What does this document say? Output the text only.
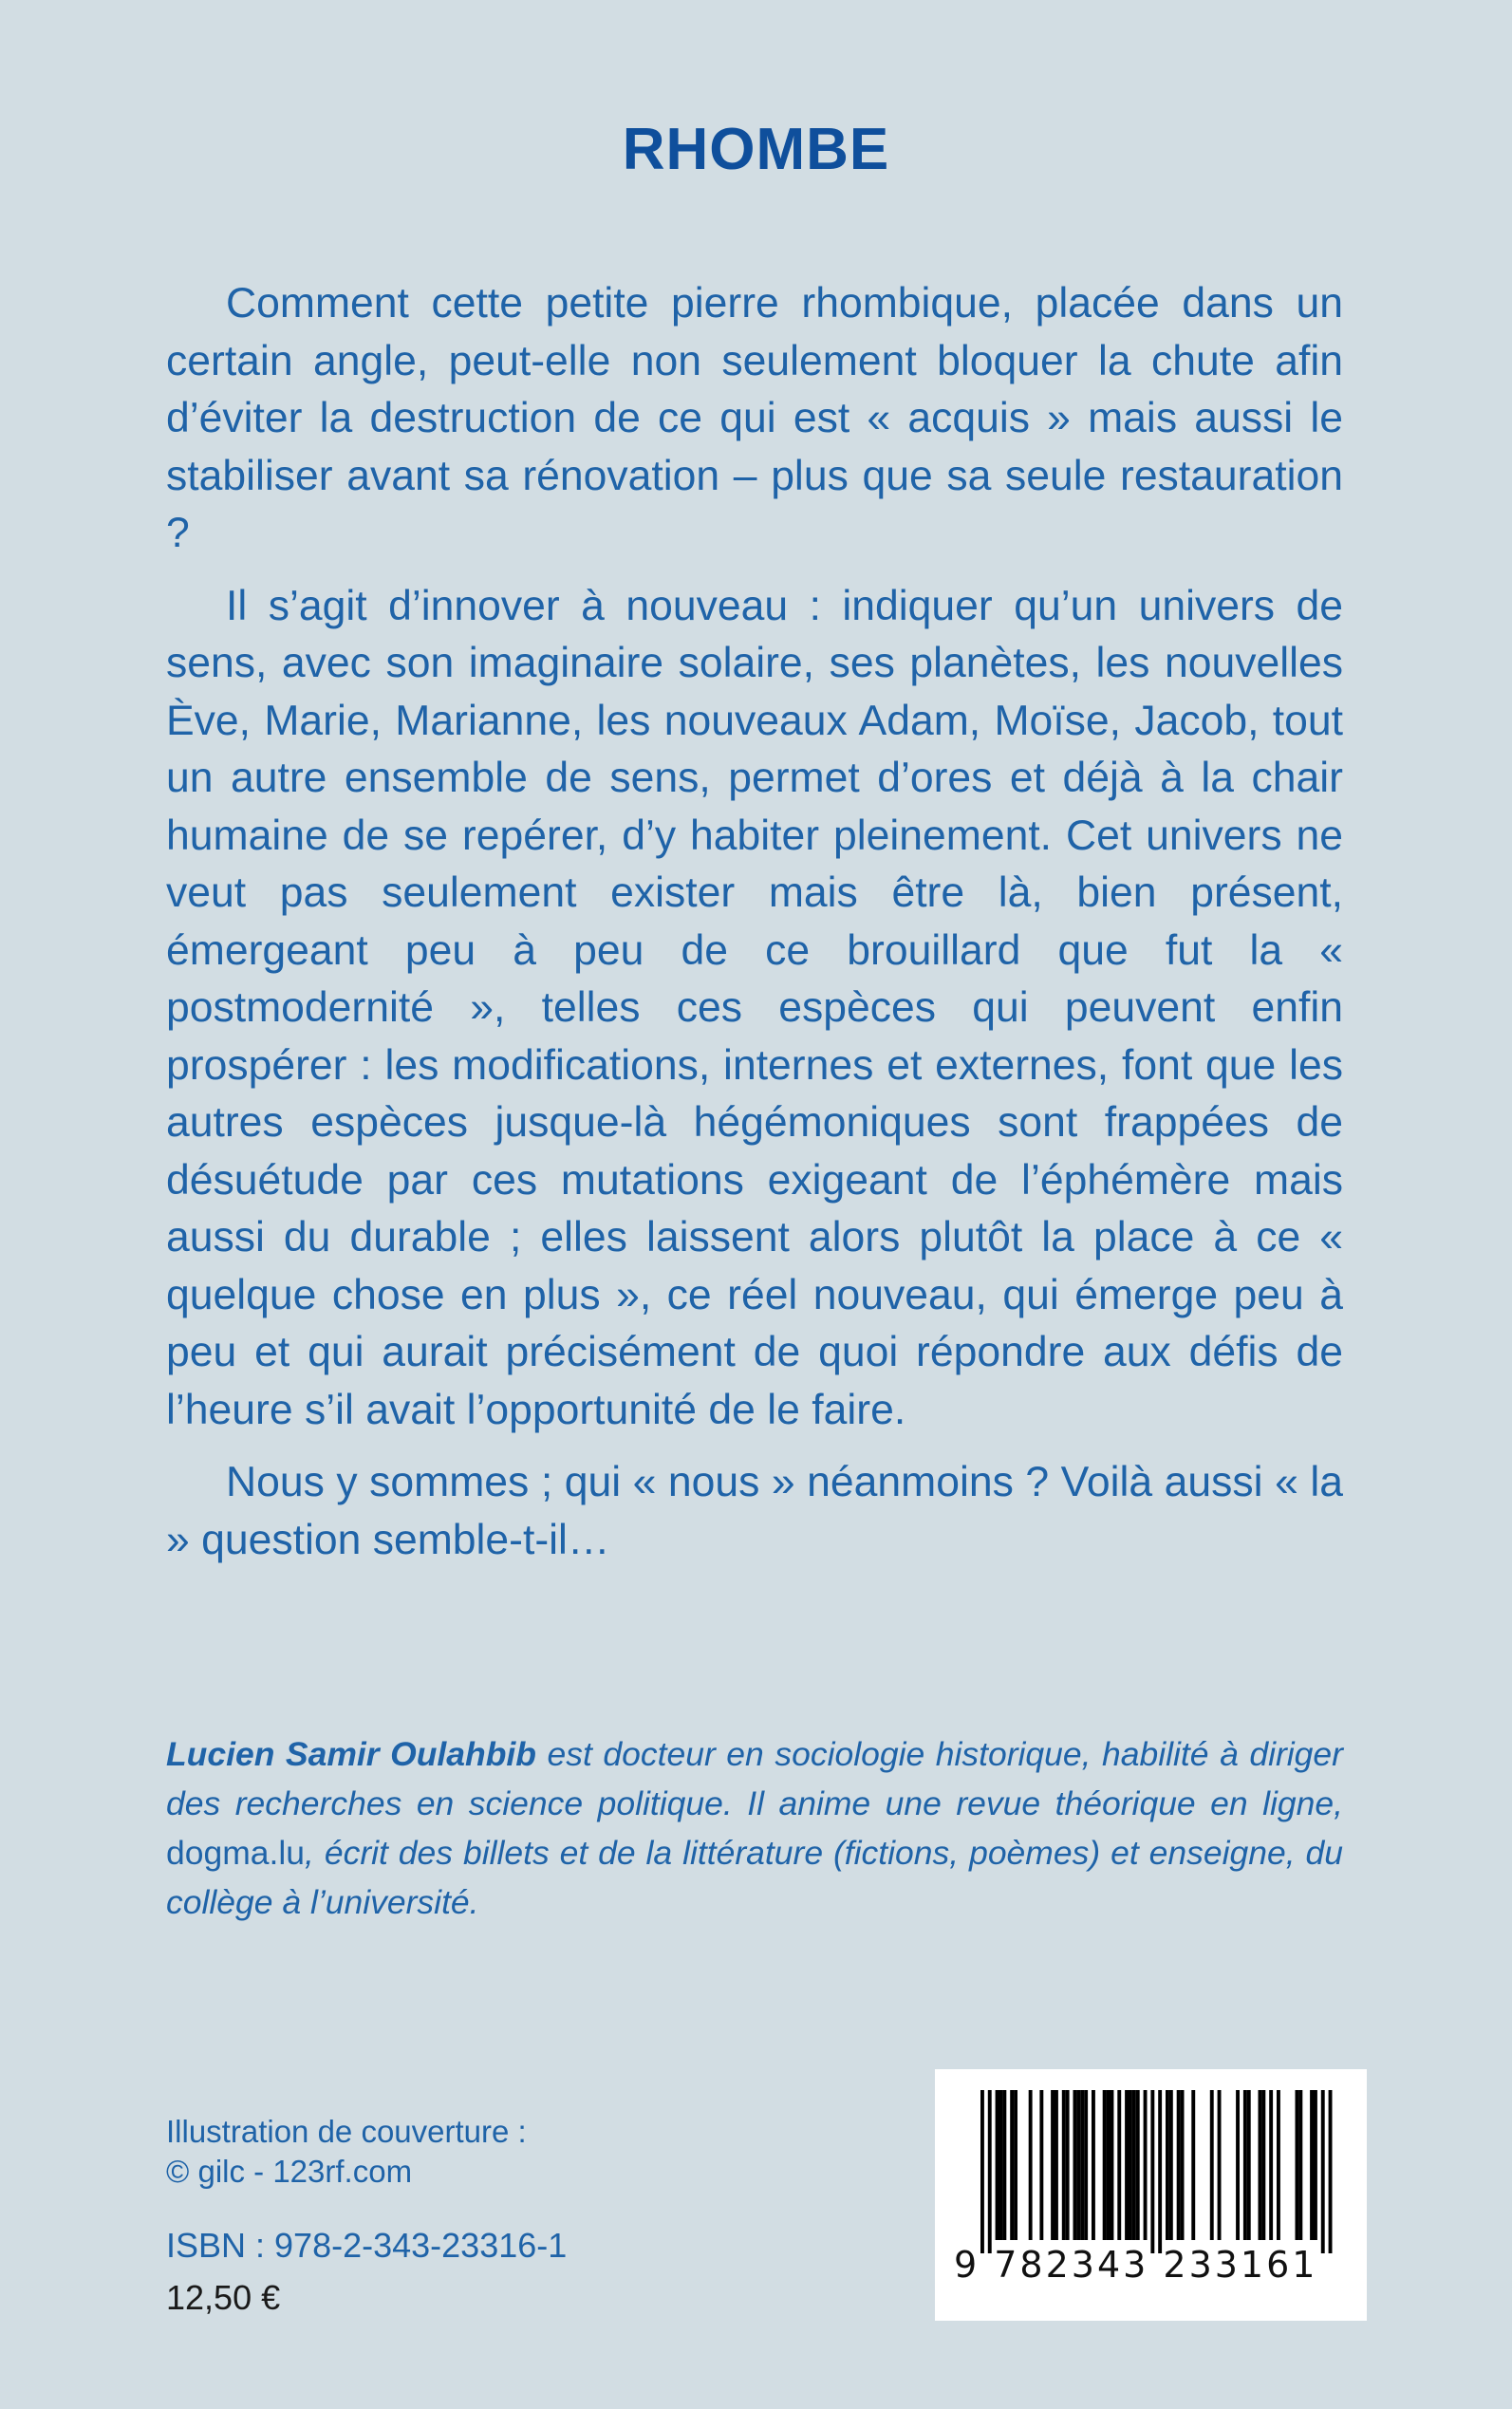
RHOMBE

Comment cette petite pierre rhombique, placée dans un certain angle, peut-elle non seulement bloquer la chute afin d’éviter la destruction de ce qui est « acquis » mais aussi le stabiliser avant sa rénovation – plus que sa seule restauration ?

Il s’agit d’innover à nouveau : indiquer qu’un univers de sens, avec son imaginaire solaire, ses planètes, les nouvelles Ève, Marie, Marianne, les nouveaux Adam, Moïse, Jacob, tout un autre ensemble de sens, permet d’ores et déjà à la chair humaine de se repérer, d’y habiter pleinement. Cet univers ne veut pas seulement exister mais être là, bien présent, émergeant peu à peu de ce brouillard que fut la « postmodernité », telles ces espèces qui peuvent enfin prospérer : les modifications, internes et externes, font que les autres espèces jusque-là hégémoniques sont frappées de désuétude par ces mutations exigeant de l’éphémère mais aussi du durable ; elles laissent alors plutôt la place à ce « quelque chose en plus », ce réel nouveau, qui émerge peu à peu et qui aurait précisément de quoi répondre aux défis de l’heure s’il avait l’opportunité de le faire.

Nous y sommes ; qui « nous » néanmoins ? Voilà aussi « la » question semble-t-il…

Lucien Samir Oulahbib est docteur en sociologie historique, habilité à diriger des recherches en science politique. Il anime une revue théorique en ligne, dogma.lu, écrit des billets et de la littérature (fictions, poèmes) et enseigne, du collège à l’université.
Illustration de couverture :
© gilc - 123rf.com
ISBN : 978-2-343-23316-1
12,50 €
9 782343 233161
